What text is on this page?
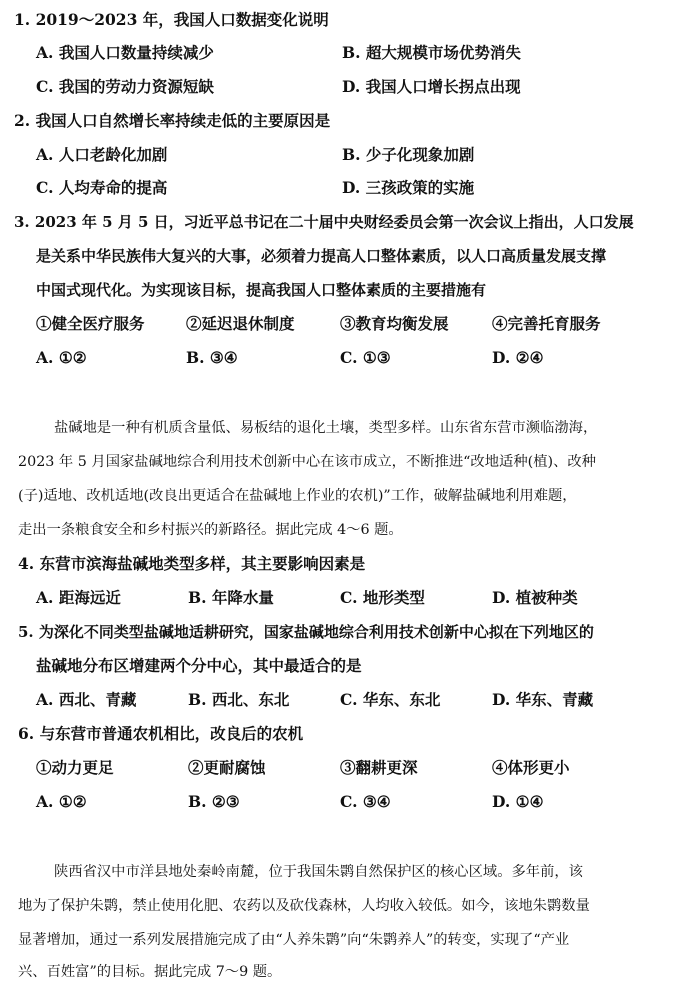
1. 2019～2023 年，我国人口数据变化说明
A. 我国人口数量持续减少	B. 超大规模市场优势消失
C. 我国的劳动力资源短缺	D. 我国人口增长拐点出现
2. 我国人口自然增长率持续走低的主要原因是
A. 人口老龄化加剧	B. 少子化现象加剧
C. 人均寿命的提高	D. 三孩政策的实施
3. 2023 年 5 月 5 日，习近平总书记在二十届中央财经委员会第一次会议上指出，人口发展
是关系中华民族伟大复兴的大事，必须着力提高人口整体素质，以人口高质量发展支撑
中国式现代化。为实现该目标，提高我国人口整体素质的主要措施有
①健全医疗服务	②延迟退休制度	③教育均衡发展	④完善托育服务
A. ①②	B. ③④	C. ①③	D. ②④
盐碱地是一种有机质含量低、易板结的退化土壤，类型多样。山东省东营市濒临渤海，
2023 年 5 月国家盐碱地综合利用技术创新中心在该市成立，不断推进“改地适种(植)、改种
(子)适地、改机适地(改良出更适合在盐碱地上作业的农机)”工作，破解盐碱地利用难题，
走出一条粮食安全和乡村振兴的新路径。据此完成 4～6 题。
4. 东营市滨海盐碱地类型多样，其主要影响因素是
A. 距海远近	B. 年降水量	C. 地形类型	D. 植被种类
5. 为深化不同类型盐碱地适耕研究，国家盐碱地综合利用技术创新中心拟在下列地区的
盐碱地分布区增建两个分中心，其中最适合的是
A. 西北、青藏	B. 西北、东北	C. 华东、东北	D. 华东、青藏
6. 与东营市普通农机相比，改良后的农机
①动力更足	②更耐腐蚀	③翻耕更深	④体形更小
A. ①②	B. ②③	C. ③④	D. ①④
陕西省汉中市洋县地处秦岭南麓，位于我国朱鹮自然保护区的核心区域。多年前，该
地为了保护朱鹮，禁止使用化肥、农药以及砍伐森林，人均收入较低。如今，该地朱鹮数量
显著增加，通过一系列发展措施完成了由“人养朱鹮”向“朱鹮养人”的转变，实现了“产业
兴、百姓富”的目标。据此完成 7～9 题。
